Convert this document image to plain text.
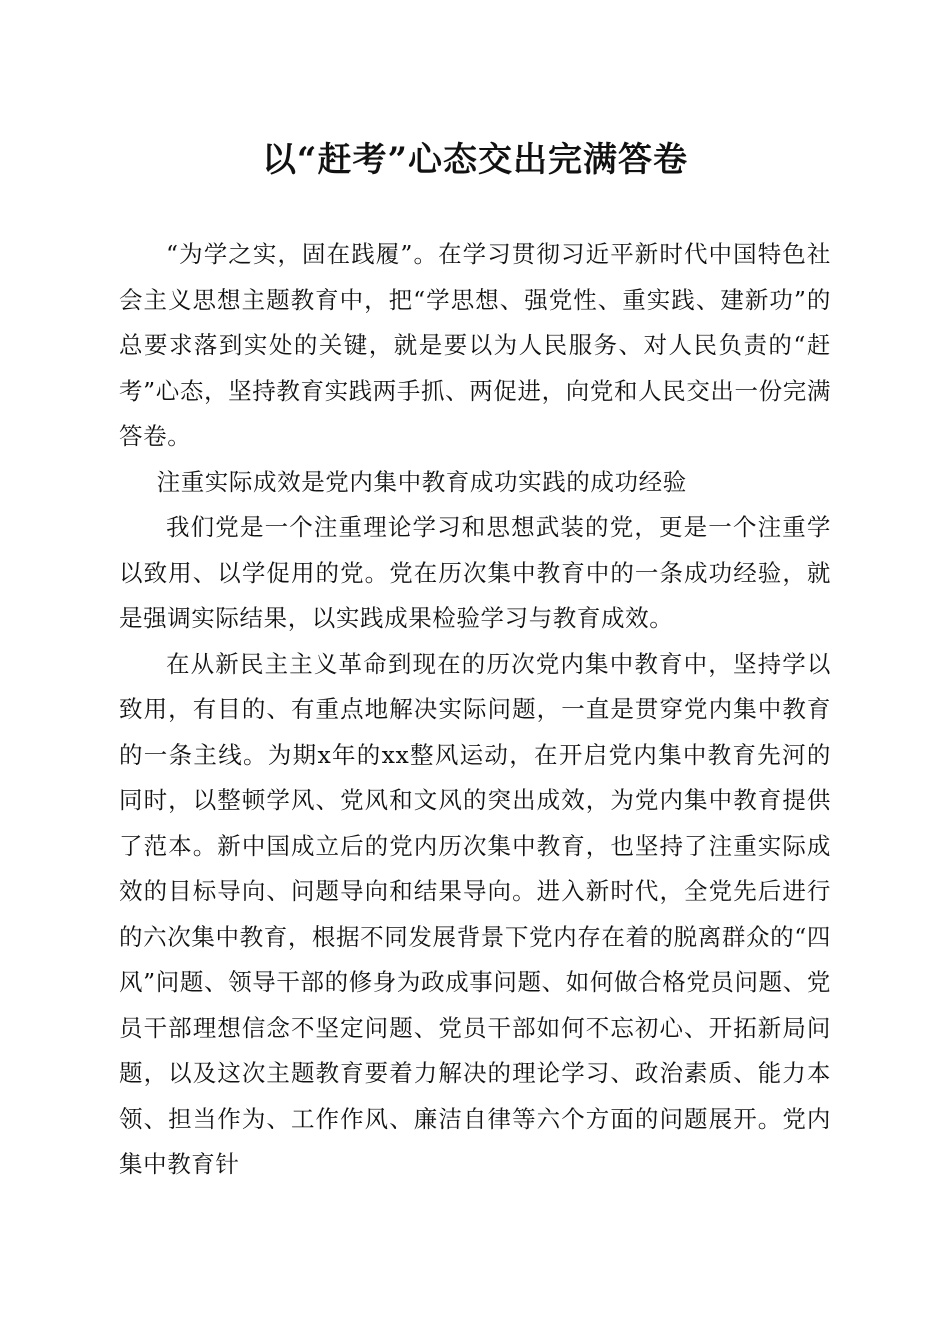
以“赶考”心态交出完满答卷

“为学之实，固在践履”。在学习贯彻习近平新时代中国特色社会主义思想主题教育中，把“学思想、强党性、重实践、建新功”的总要求落到实处的关键，就是要以为人民服务、对人民负责的“赶考”心态，坚持教育实践两手抓、两促进，向党和人民交出一份完满答卷。

注重实际成效是党内集中教育成功实践的成功经验

我们党是一个注重理论学习和思想武装的党，更是一个注重学以致用、以学促用的党。党在历次集中教育中的一条成功经验，就是强调实际结果，以实践成果检验学习与教育成效。

在从新民主主义革命到现在的历次党内集中教育中，坚持学以致用，有目的、有重点地解决实际问题，一直是贯穿党内集中教育的一条主线。为期x年的xx整风运动，在开启党内集中教育先河的同时，以整顿学风、党风和文风的突出成效，为党内集中教育提供了范本。新中国成立后的党内历次集中教育，也坚持了注重实际成效的目标导向、问题导向和结果导向。进入新时代，全党先后进行的六次集中教育，根据不同发展背景下党内存在着的脱离群众的“四风”问题、领导干部的修身为政成事问题、如何做合格党员问题、党员干部理想信念不坚定问题、党员干部如何不忘初心、开拓新局问题，以及这次主题教育要着力解决的理论学习、政治素质、能力本领、担当作为、工作作风、廉洁自律等六个方面的问题展开。党内集中教育针
